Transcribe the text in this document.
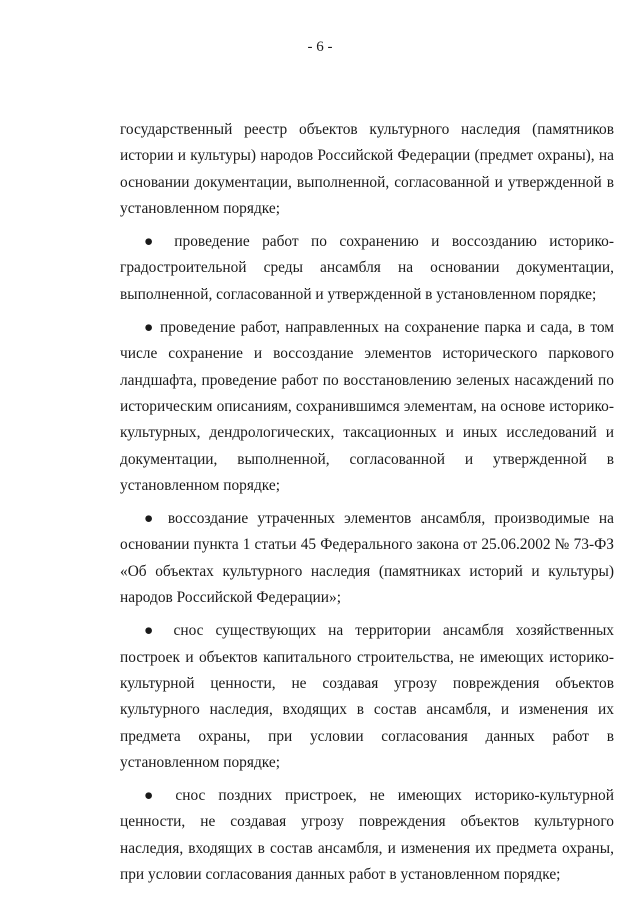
- 6 -

государственный реестр объектов культурного наследия (памятников истории и культуры) народов Российской Федерации (предмет охраны), на основании документации, выполненной, согласованной и утвержденной в установленном порядке;

● проведение работ по сохранению и воссозданию историко-градостроительной среды ансамбля на основании документации, выполненной, согласованной и утвержденной в установленном порядке;

● проведение работ, направленных на сохранение парка и сада, в том числе сохранение и воссоздание элементов исторического паркового ландшафта, проведение работ по восстановлению зеленых насаждений по историческим описаниям, сохранившимся элементам, на основе историко-культурных, дендрологических, таксационных и иных исследований и документации, выполненной, согласованной и утвержденной в установленном порядке;

● воссоздание утраченных элементов ансамбля, производимые на основании пункта 1 статьи 45 Федерального закона от 25.06.2002 № 73-ФЗ «Об объектах культурного наследия (памятниках историй и культуры) народов Российской Федерации»;

● снос существующих на территории ансамбля хозяйственных построек и объектов капитального строительства, не имеющих историко-культурной ценности, не создавая угрозу повреждения объектов культурного наследия, входящих в состав ансамбля, и изменения их предмета охраны, при условии согласования данных работ в установленном порядке;

● снос поздних пристроек, не имеющих историко-культурной ценности, не создавая угрозу повреждения объектов культурного наследия, входящих в состав ансамбля, и изменения их предмета охраны, при условии согласования данных работ в установленном порядке;
